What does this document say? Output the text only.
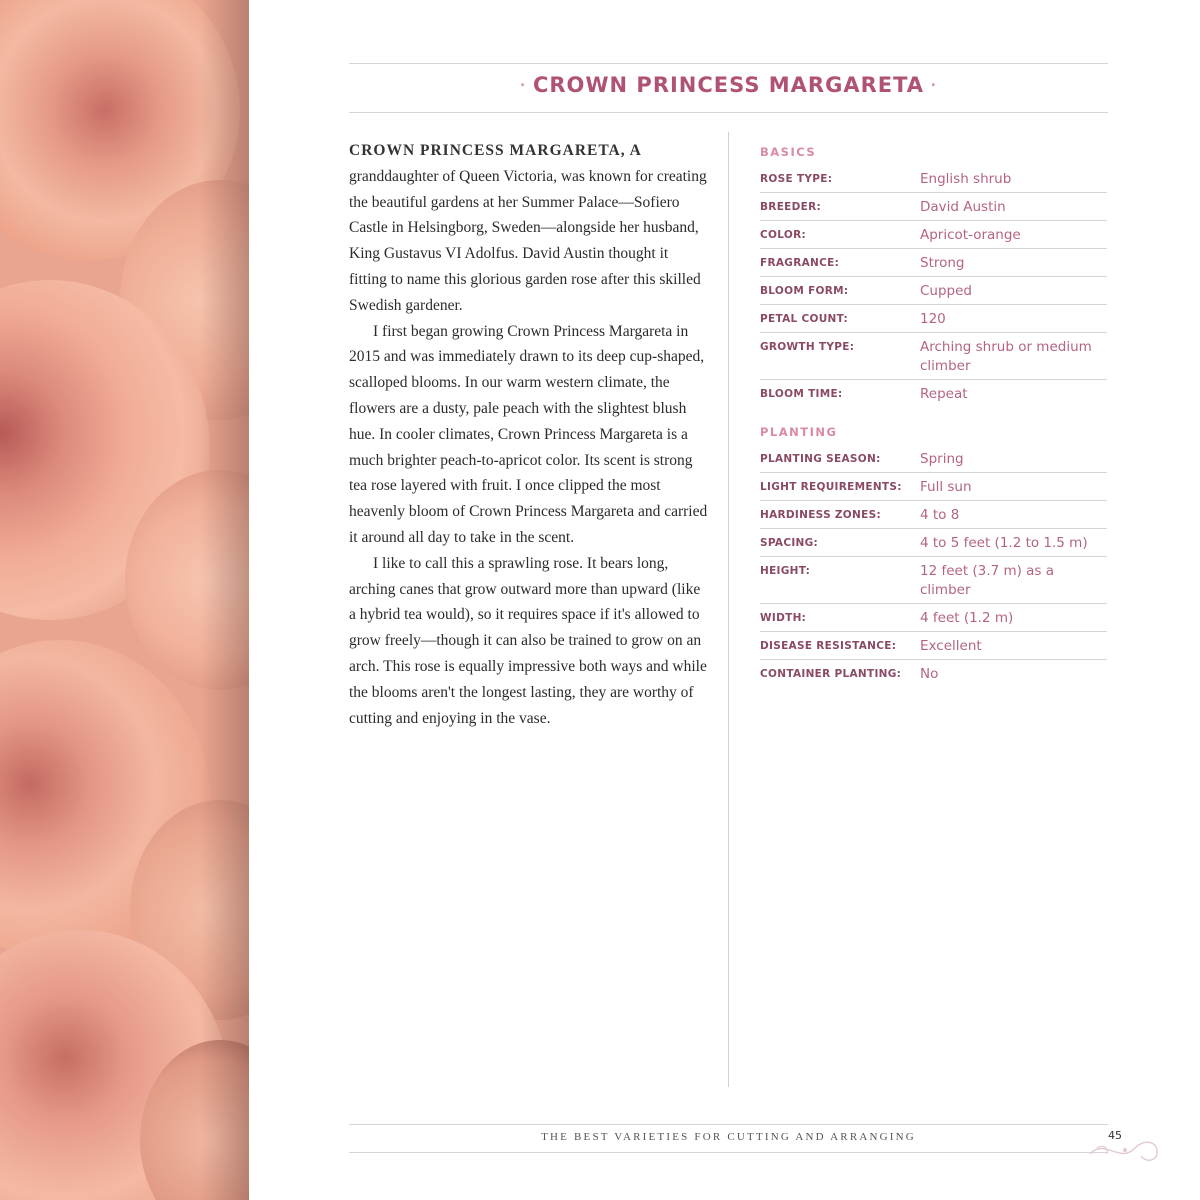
· CROWN PRINCESS MARGARETA ·

CROWN PRINCESS MARGARETA, A granddaughter of Queen Victoria, was known for creating the beautiful gardens at her Summer Palace—Sofiero Castle in Helsingborg, Sweden—alongside her husband, King Gustavus VI Adolfus. David Austin thought it fitting to name this glorious garden rose after this skilled Swedish gardener.

I first began growing Crown Princess Margareta in 2015 and was immediately drawn to its deep cup-shaped, scalloped blooms. In our warm western climate, the flowers are a dusty, pale peach with the slightest blush hue. In cooler climates, Crown Princess Margareta is a much brighter peach-to-apricot color. Its scent is strong tea rose layered with fruit. I once clipped the most heavenly bloom of Crown Princess Margareta and carried it around all day to take in the scent.

I like to call this a sprawling rose. It bears long, arching canes that grow outward more than upward (like a hybrid tea would), so it requires space if it's allowed to grow freely—though it can also be trained to grow on an arch. This rose is equally impressive both ways and while the blooms aren't the longest lasting, they are worthy of cutting and enjoying in the vase.

BASICS
ROSE TYPE:	English shrub
BREEDER:	David Austin
COLOR:	Apricot-orange
FRAGRANCE:	Strong
BLOOM FORM:	Cupped
PETAL COUNT:	120
GROWTH TYPE:	Arching shrub or medium climber
BLOOM TIME:	Repeat
PLANTING
PLANTING SEASON:	Spring
LIGHT REQUIREMENTS:	Full sun
HARDINESS ZONES:	4 to 8
SPACING:	4 to 5 feet (1.2 to 1.5 m)
HEIGHT:	12 feet (3.7 m) as a climber
WIDTH:	4 feet (1.2 m)
DISEASE RESISTANCE:	Excellent
CONTAINER PLANTING:	No
THE BEST VARIETIES FOR CUTTING AND ARRANGING	45
